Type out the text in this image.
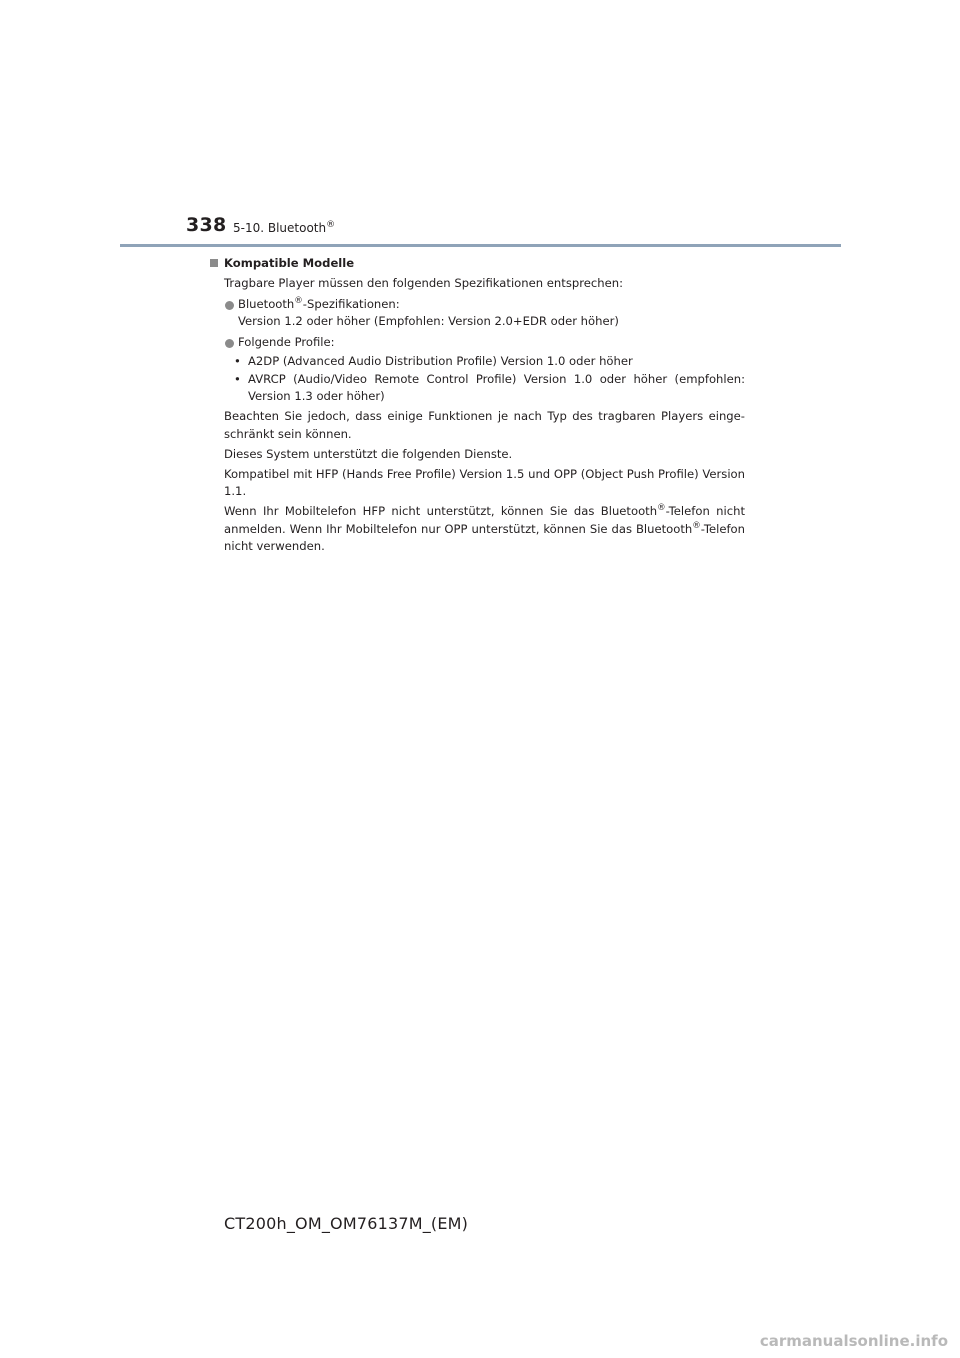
338 5-10. Bluetooth®
Kompatible Modelle
Tragbare Player müssen den folgenden Spezifikationen entsprechen:
Bluetooth®-Spezifikationen:
Version 1.2 oder höher (Empfohlen: Version 2.0+EDR oder höher)
Folgende Profile:
• A2DP (Advanced Audio Distribution Profile) Version 1.0 oder höher
• AVRCP (Audio/Video Remote Control Profile) Version 1.0 oder höher (empfohlen: Version 1.3 oder höher)
Beachten Sie jedoch, dass einige Funktionen je nach Typ des tragbaren Players einge-schränkt sein können.
Dieses System unterstützt die folgenden Dienste.
Kompatibel mit HFP (Hands Free Profile) Version 1.5 und OPP (Object Push Profile) Version 1.1.
Wenn Ihr Mobiltelefon HFP nicht unterstützt, können Sie das Bluetooth®-Telefon nicht anmelden. Wenn Ihr Mobiltelefon nur OPP unterstützt, können Sie das Bluetooth®-Telefon nicht verwenden.
CT200h_OM_OM76137M_(EM)
carmanualsonline.info
